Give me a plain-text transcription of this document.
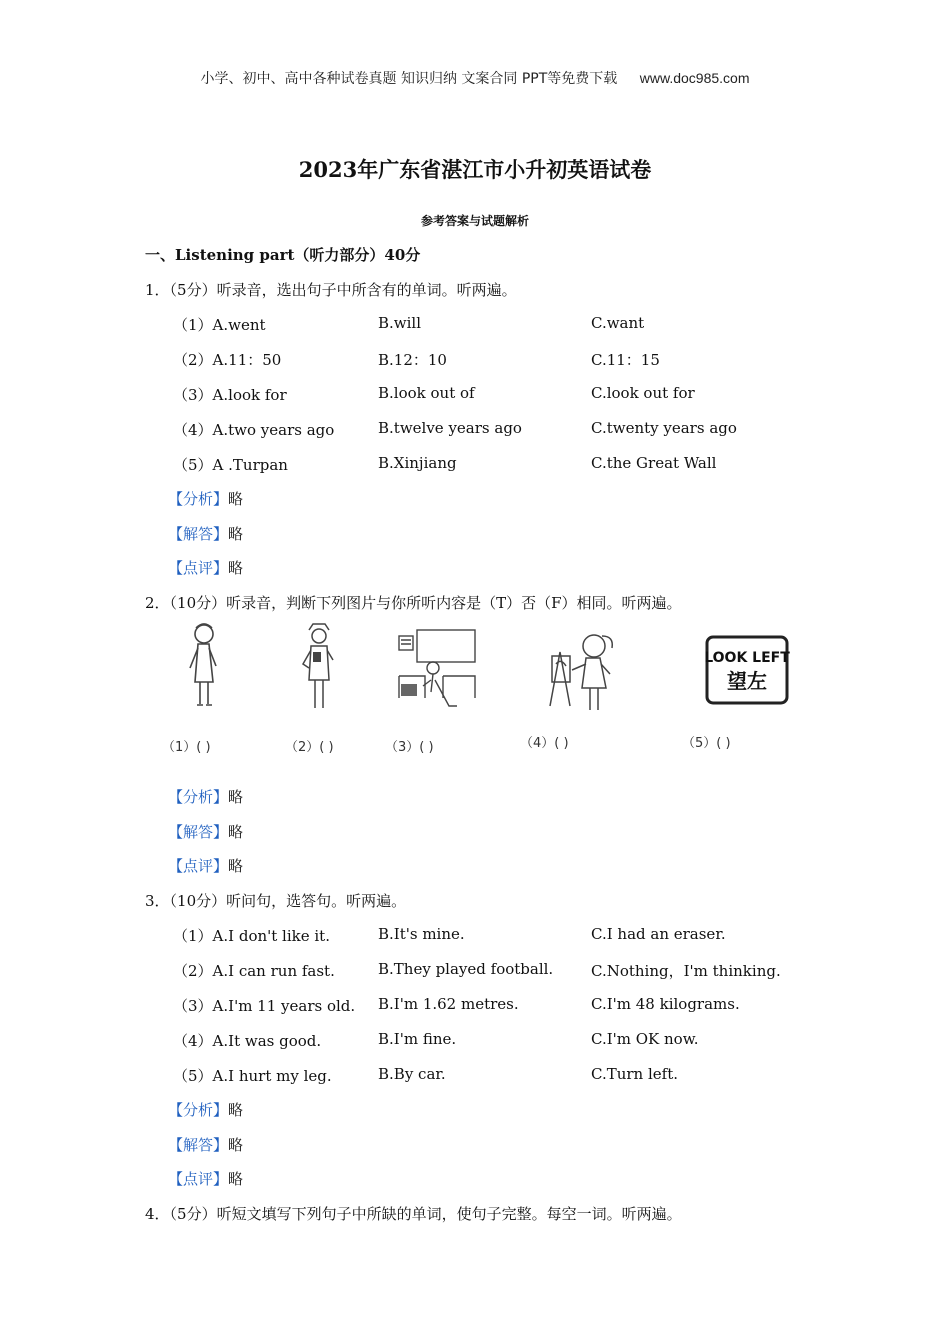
小学、初中、高中各种试卷真题 知识归纳 文案合同 PPT等免费下载 www.doc985.com
2023年广东省湛江市小升初英语试卷
参考答案与试题解析
一、Listening part（听力部分）40分
1．（5分）听录音，选出句子中所含有的单词。听两遍。
（1）A.went	B.will	C.want
（2）A.11：50	B.12：10	C.11：15
（3）A.look for	B.look out of	C.look out for
（4）A.two years ago	B.twelve years ago	C.twenty years ago
（5）A .Turpan	B.Xinjiang	C.the Great Wall
【分析】略
【解答】略
【点评】略
2．（10分）听录音，判断下列图片与你所听内容是（T）否（F）相同。听两遍。
（1）( )	（2）( )	（3）( )	（4）( )
LOOK LEFT
望左
（5）( )
【分析】略
【解答】略
【点评】略
3．（10分）听问句，选答句。听两遍。
（1）A.I don't like it.	B.It's mine.	C.I had an eraser.
（2）A.I can run fast.	B.They played football.	C.Nothing，I'm thinking.
（3）A.I'm 11 years old. B.I'm 1.62 metres.	C.I'm 48 kilograms.
（4）A.It was good.	B.I'm fine.	C.I'm OK now.
（5）A.I hurt my leg.	B.By car.	C.Turn left.
【分析】略
【解答】略
【点评】略
4．（5分）听短文填写下列句子中所缺的单词，使句子完整。每空一词。听两遍。
